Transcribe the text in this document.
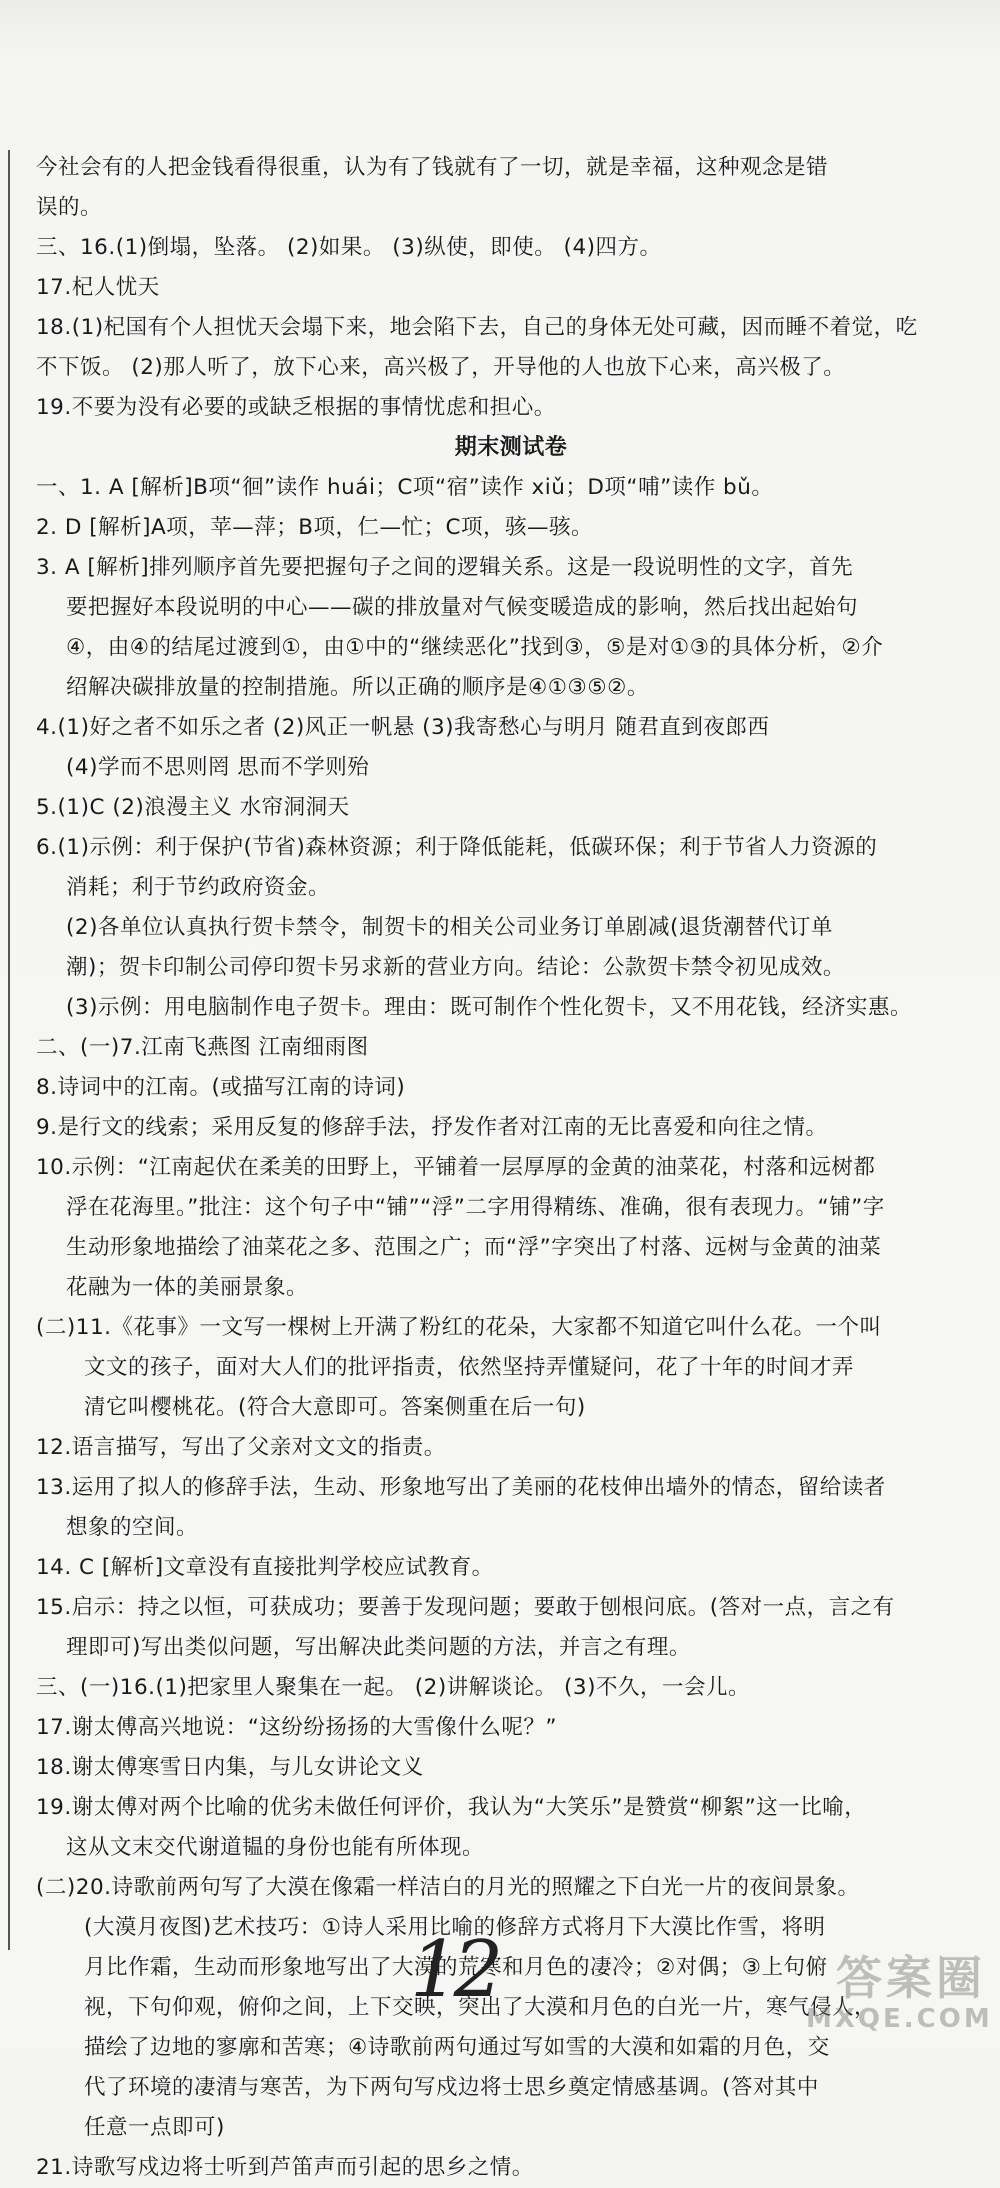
今社会有的人把金钱看得很重，认为有了钱就有了一切，就是幸福，这种观念是错
误的。
三、16.(1)倒塌，坠落。 (2)如果。 (3)纵使，即使。 (4)四方。
17.杞人忧天
18.(1)杞国有个人担忧天会塌下来，地会陷下去，自己的身体无处可藏，因而睡不着觉，吃
不下饭。 (2)那人听了，放下心来，高兴极了，开导他的人也放下心来，高兴极了。
19.不要为没有必要的或缺乏根据的事情忧虑和担心。
期末测试卷
一、1. A [解析]B项“徊”读作 huái；C项“宿”读作 xiǔ；D项“哺”读作 bǔ。
2. D [解析]A项，苹—萍；B项，仁—忙；C项，骇—骇。
3. A [解析]排列顺序首先要把握句子之间的逻辑关系。这是一段说明性的文字，首先
要把握好本段说明的中心——碳的排放量对气候变暖造成的影响，然后找出起始句
④，由④的结尾过渡到①，由①中的“继续恶化”找到③，⑤是对①③的具体分析，②介
绍解决碳排放量的控制措施。所以正确的顺序是④①③⑤②。
4.(1)好之者不如乐之者 (2)风正一帆悬 (3)我寄愁心与明月 随君直到夜郎西
(4)学而不思则罔 思而不学则殆
5.(1)C (2)浪漫主义 水帘洞洞天
6.(1)示例：利于保护(节省)森林资源；利于降低能耗，低碳环保；利于节省人力资源的
消耗；利于节约政府资金。
(2)各单位认真执行贺卡禁令，制贺卡的相关公司业务订单剧减(退货潮替代订单
潮)；贺卡印制公司停印贺卡另求新的营业方向。结论：公款贺卡禁令初见成效。
(3)示例：用电脑制作电子贺卡。理由：既可制作个性化贺卡，又不用花钱，经济实惠。
二、(一)7.江南飞燕图 江南细雨图
8.诗词中的江南。(或描写江南的诗词)
9.是行文的线索；采用反复的修辞手法，抒发作者对江南的无比喜爱和向往之情。
10.示例：“江南起伏在柔美的田野上，平铺着一层厚厚的金黄的油菜花，村落和远树都
浮在花海里。”批注：这个句子中“铺”“浮”二字用得精练、准确，很有表现力。“铺”字
生动形象地描绘了油菜花之多、范围之广；而“浮”字突出了村落、远树与金黄的油菜
花融为一体的美丽景象。
(二)11.《花事》一文写一棵树上开满了粉红的花朵，大家都不知道它叫什么花。一个叫
文文的孩子，面对大人们的批评指责，依然坚持弄懂疑问，花了十年的时间才弄
清它叫樱桃花。(符合大意即可。答案侧重在后一句)
12.语言描写，写出了父亲对文文的指责。
13.运用了拟人的修辞手法，生动、形象地写出了美丽的花枝伸出墙外的情态，留给读者
想象的空间。
14. C [解析]文章没有直接批判学校应试教育。
15.启示：持之以恒，可获成功；要善于发现问题；要敢于刨根问底。(答对一点，言之有
理即可)写出类似问题，写出解决此类问题的方法，并言之有理。
三、(一)16.(1)把家里人聚集在一起。 (2)讲解谈论。 (3)不久，一会儿。
17.谢太傅高兴地说：“这纷纷扬扬的大雪像什么呢？”
18.谢太傅寒雪日内集，与儿女讲论文义
19.谢太傅对两个比喻的优劣未做任何评价，我认为“大笑乐”是赞赏“柳絮”这一比喻，
这从文末交代谢道韫的身份也能有所体现。
(二)20.诗歌前两句写了大漠在像霜一样洁白的月光的照耀之下白光一片的夜间景象。
(大漠月夜图)艺术技巧：①诗人采用比喻的修辞方式将月下大漠比作雪，将明
月比作霜，生动而形象地写出了大漠的荒寒和月色的凄冷；②对偶；③上句俯
视，下句仰观，俯仰之间，上下交映，突出了大漠和月色的白光一片，寒气侵人，
描绘了边地的寥廓和苦寒；④诗歌前两句通过写如雪的大漠和如霜的月色，交
代了环境的凄清与寒苦，为下两句写戍边将士思乡奠定情感基调。(答对其中
任意一点即可)
21.诗歌写戍边将士听到芦笛声而引起的思乡之情。
12	答案圈
MXQE.COM
